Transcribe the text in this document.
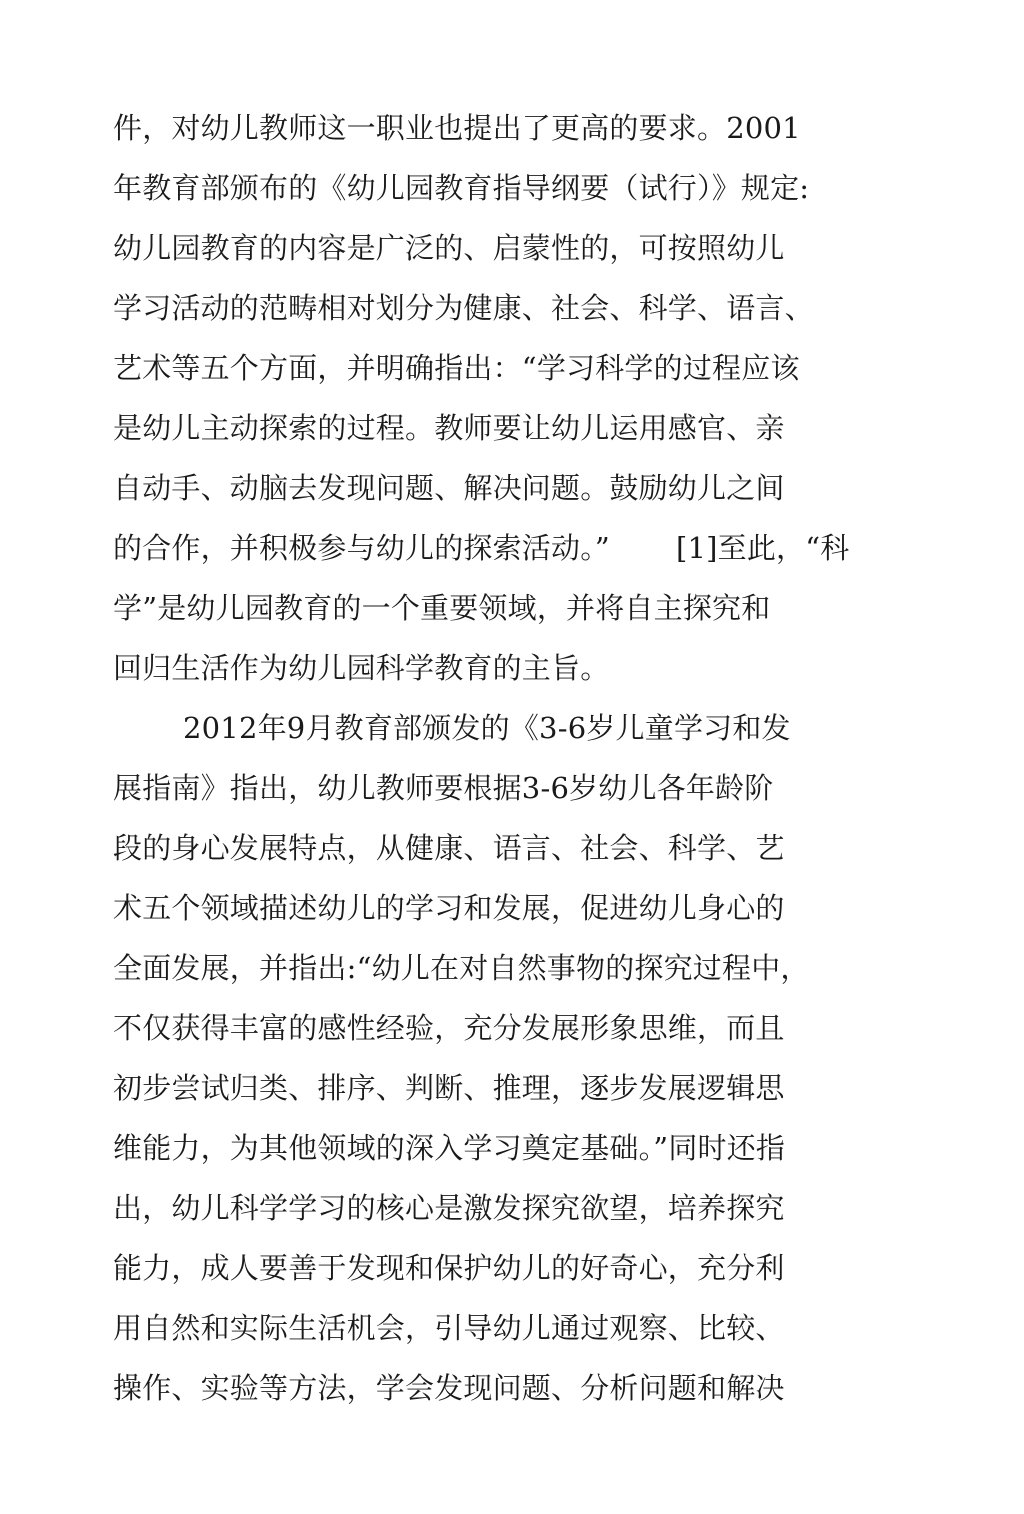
件，对幼儿教师这一职业也提出了更高的要求。2001
年教育部颁布的《幼儿园教育指导纲要（试行）》规定:
幼儿园教育的内容是广泛的、启蒙性的，可按照幼儿
学习活动的范畴相对划分为健康、社会、科学、语言、
艺术等五个方面，并明确指出：“学习科学的过程应该
是幼儿主动探索的过程。教师要让幼儿运用感官、亲
自动手、动脑去发现问题、解决问题。鼓励幼儿之间
的合作，并积极参与幼儿的探索活动。” [1]至此，“科
学”是幼儿园教育的一个重要领域，并将自主探究和
回归生活作为幼儿园科学教育的主旨。
2012年9月教育部颁发的《3-6岁儿童学习和发
展指南》指出，幼儿教师要根据3-6岁幼儿各年龄阶
段的身心发展特点，从健康、语言、社会、科学、艺
术五个领域描述幼儿的学习和发展，促进幼儿身心的
全面发展，并指出:“幼儿在对自然事物的探究过程中，
不仅获得丰富的感性经验，充分发展形象思维，而且
初步尝试归类、排序、判断、推理，逐步发展逻辑思
维能力，为其他领域的深入学习奠定基础。”同时还指
出，幼儿科学学习的核心是激发探究欲望，培养探究
能力，成人要善于发现和保护幼儿的好奇心，充分利
用自然和实际生活机会，引导幼儿通过观察、比较、
操作、实验等方法，学会发现问题、分析问题和解决
